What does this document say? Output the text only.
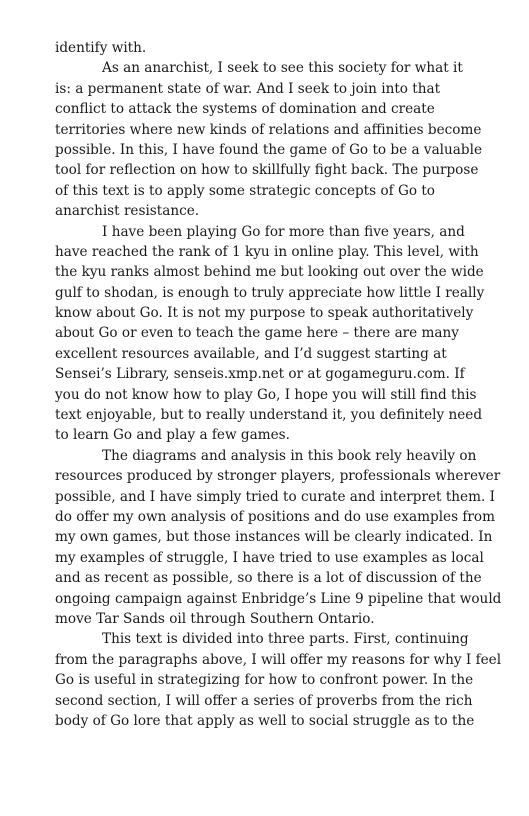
identify with.
As an anarchist, I seek to see this society for what it
is: a permanent state of war. And I seek to join into that
conflict to attack the systems of domination and create
territories where new kinds of relations and affinities become
possible. In this, I have found the game of Go to be a valuable
tool for reflection on how to skillfully fight back. The purpose
of this text is to apply some strategic concepts of Go to
anarchist resistance.
I have been playing Go for more than five years, and
have reached the rank of 1 kyu in online play. This level, with
the kyu ranks almost behind me but looking out over the wide
gulf to shodan, is enough to truly appreciate how little I really
know about Go. It is not my purpose to speak authoritatively
about Go or even to teach the game here – there are many
excellent resources available, and I’d suggest starting at
Sensei’s Library, senseis.xmp.net or at gogameguru.com. If
you do not know how to play Go, I hope you will still find this
text enjoyable, but to really understand it, you definitely need
to learn Go and play a few games.
The diagrams and analysis in this book rely heavily on
resources produced by stronger players, professionals wherever
possible, and I have simply tried to curate and interpret them. I
do offer my own analysis of positions and do use examples from
my own games, but those instances will be clearly indicated. In
my examples of struggle, I have tried to use examples as local
and as recent as possible, so there is a lot of discussion of the
ongoing campaign against Enbridge’s Line 9 pipeline that would
move Tar Sands oil through Southern Ontario.
This text is divided into three parts. First, continuing
from the paragraphs above, I will offer my reasons for why I feel
Go is useful in strategizing for how to confront power. In the
second section, I will offer a series of proverbs from the rich
body of Go lore that apply as well to social struggle as to the
